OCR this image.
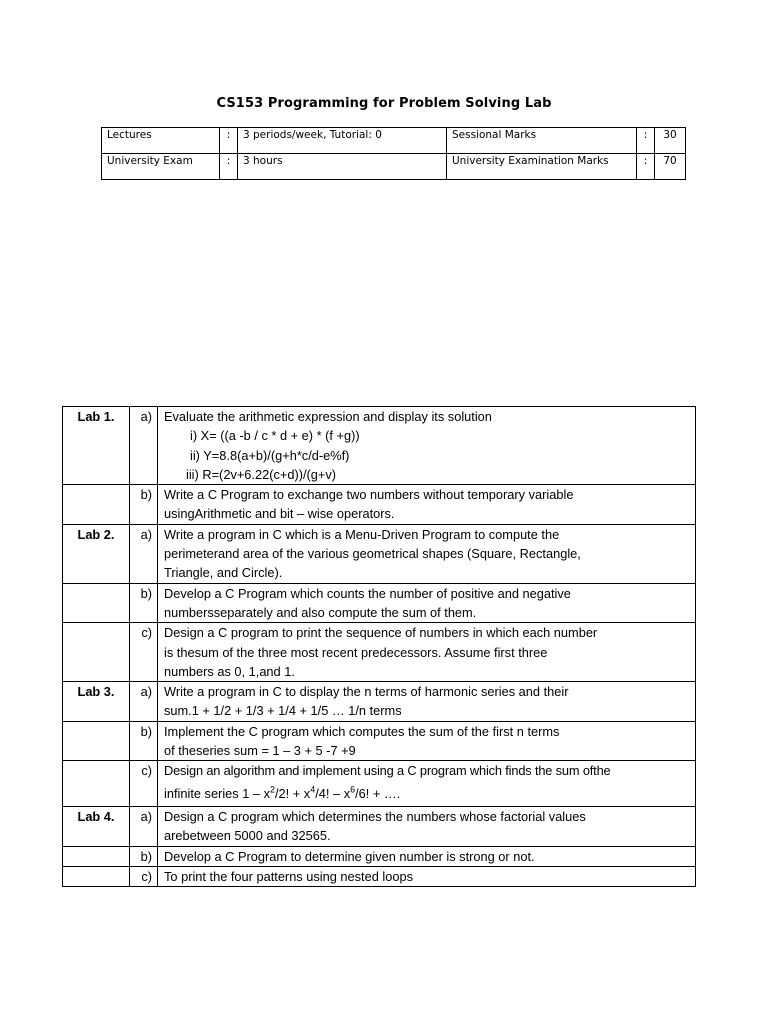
CS153 Programming for Problem Solving Lab
Lectures	:	3 periods/week, Tutorial: 0	Sessional Marks	:	30
University Exam	:	3 hours	University Examination Marks	:	70
Lab 1.	a)	Evaluate the arithmetic expression and display its solution
i) X= ((a -b / c * d + e) * (f +g))
ii) Y=8.8(a+b)/(g+h*c/d-e%f)
iii) R=(2v+6.22(c+d))/(g+v)

	b)	Write a C Program to exchange two numbers without temporary variable
usingArithmetic and bit – wise operators.

Lab 2.	a)	Write a program in C which is a Menu-Driven Program to compute the
perimeterand area of the various geometrical shapes (Square, Rectangle,
Triangle, and Circle).

	b)	Develop a C Program which counts the number of positive and negative
numbersseparately and also compute the sum of them.

	c)	Design a C program to print the sequence of numbers in which each number
is thesum of the three most recent predecessors. Assume first three
numbers as 0, 1,and 1.

Lab 3.	a)	Write a program in C to display the n terms of harmonic series and their
sum.1 + 1/2 + 1/3 + 1/4 + 1/5 … 1/n terms

	b)	Implement the C program which computes the sum of the first n terms
of theseries sum = 1 – 3 + 5 -7 +9

	c)	Design an algorithm and implement using a C program which finds the sum ofthe
infinite series $1 - x^2/2$! + $x^4/4$! – $x^6/6$! + ….

Lab 4.	a)	Design a C program which determines the numbers whose factorial values
arebetween 5000 and 32565.

	b)	Develop a C Program to determine given number is strong or not.

	c)	To print the four patterns using nested loops
